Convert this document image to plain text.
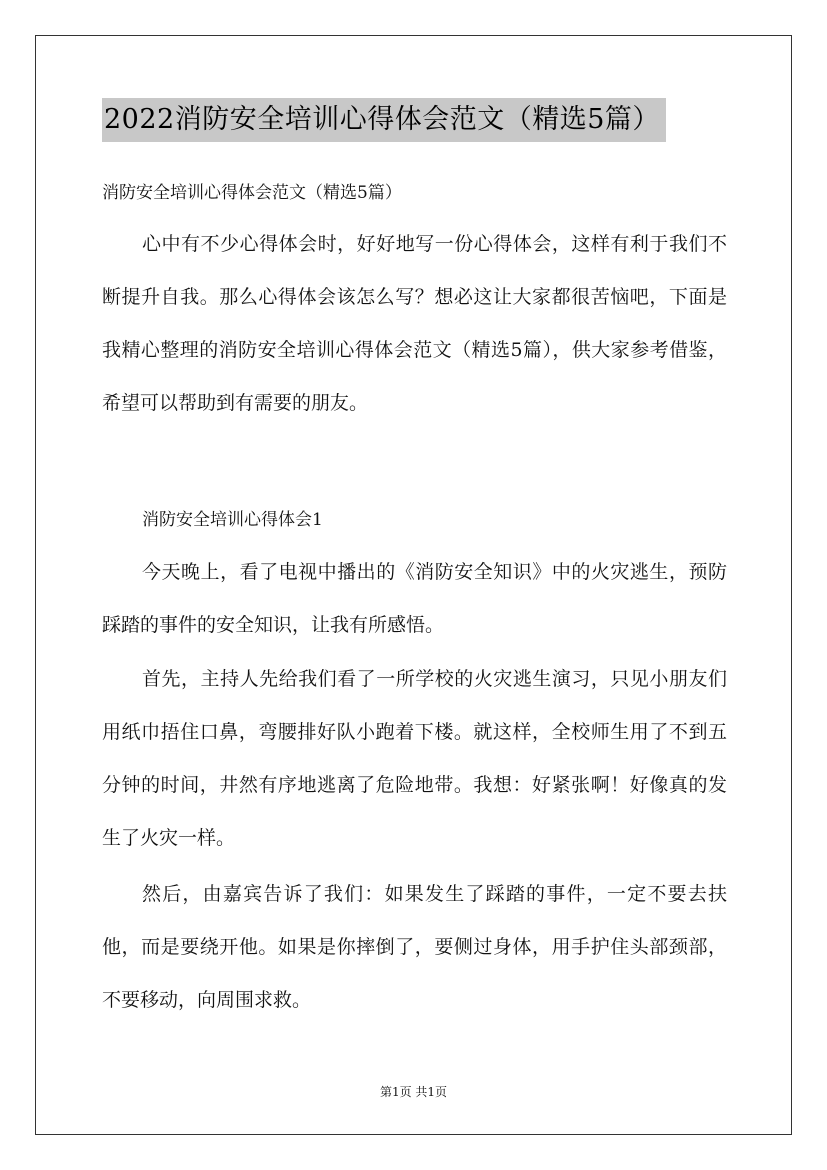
2022消防安全培训心得体会范文（精选5篇）
消防安全培训心得体会范文（精选5篇）

心中有不少心得体会时，好好地写一份心得体会，这样有利于我们不断提升自我。那么心得体会该怎么写？想必这让大家都很苦恼吧，下面是我精心整理的消防安全培训心得体会范文（精选5篇），供大家参考借鉴，希望可以帮助到有需要的朋友。

消防安全培训心得体会1

今天晚上，看了电视中播出的《消防安全知识》中的火灾逃生，预防踩踏的事件的安全知识，让我有所感悟。

首先，主持人先给我们看了一所学校的火灾逃生演习，只见小朋友们用纸巾捂住口鼻，弯腰排好队小跑着下楼。就这样，全校师生用了不到五分钟的时间，井然有序地逃离了危险地带。我想：好紧张啊！好像真的发生了火灾一样。

然后，由嘉宾告诉了我们：如果发生了踩踏的事件，一定不要去扶他，而是要绕开他。如果是你摔倒了，要侧过身体，用手护住头部颈部，不要移动，向周围求救。

第1页 共1页
